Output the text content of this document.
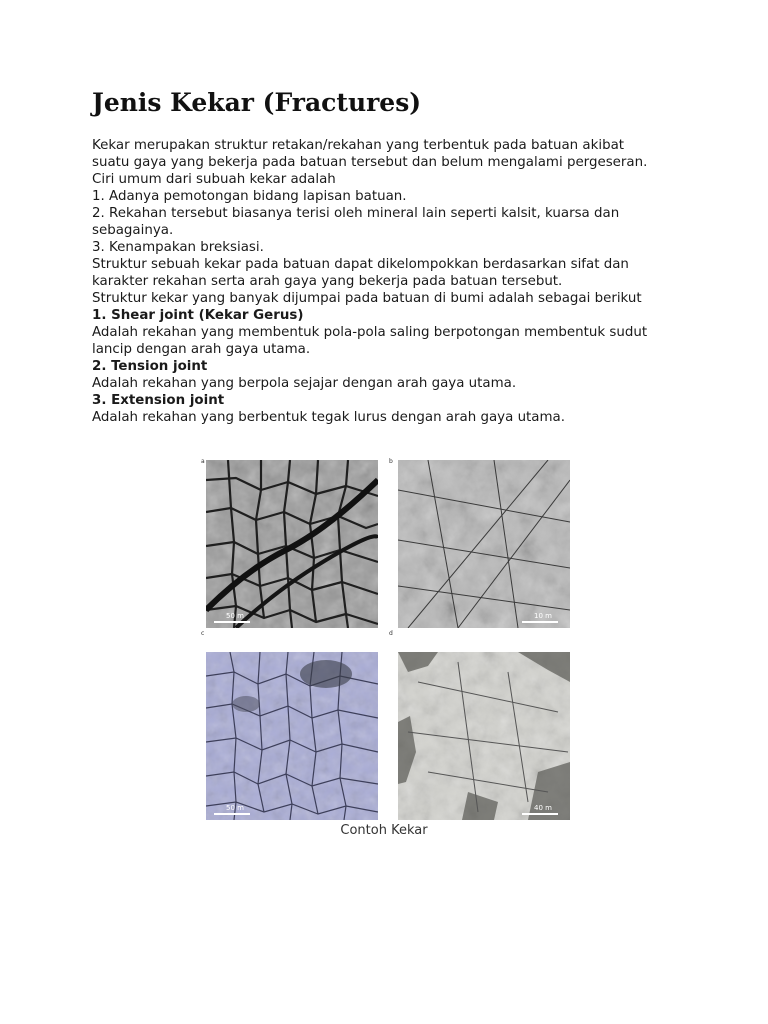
Jenis Kekar (Fractures)
Kekar merupakan struktur retakan/rekahan yang terbentuk pada batuan akibat
suatu gaya yang bekerja pada batuan tersebut dan belum mengalami pergeseran.
Ciri umum dari subuah kekar adalah
1. Adanya pemotongan bidang lapisan batuan.
2. Rekahan tersebut biasanya terisi oleh mineral lain seperti kalsit, kuarsa dan
sebagainya.
3. Kenampakan breksiasi.
Struktur sebuah kekar pada batuan dapat dikelompokkan berdasarkan sifat dan
karakter rekahan serta arah gaya yang bekerja pada batuan tersebut.
Struktur kekar yang banyak dijumpai pada batuan di bumi adalah sebagai berikut
1. Shear joint (Kekar Gerus)
Adalah rekahan yang membentuk pola-pola saling berpotongan membentuk sudut
lancip dengan arah gaya utama.
2. Tension joint
Adalah rekahan yang berpola sejajar dengan arah gaya utama.
3. Extension joint
Adalah rekahan yang berbentuk tegak lurus dengan arah gaya utama.
a	b
c	d
50 m	10 m
50 m	40 m
Contoh Kekar
